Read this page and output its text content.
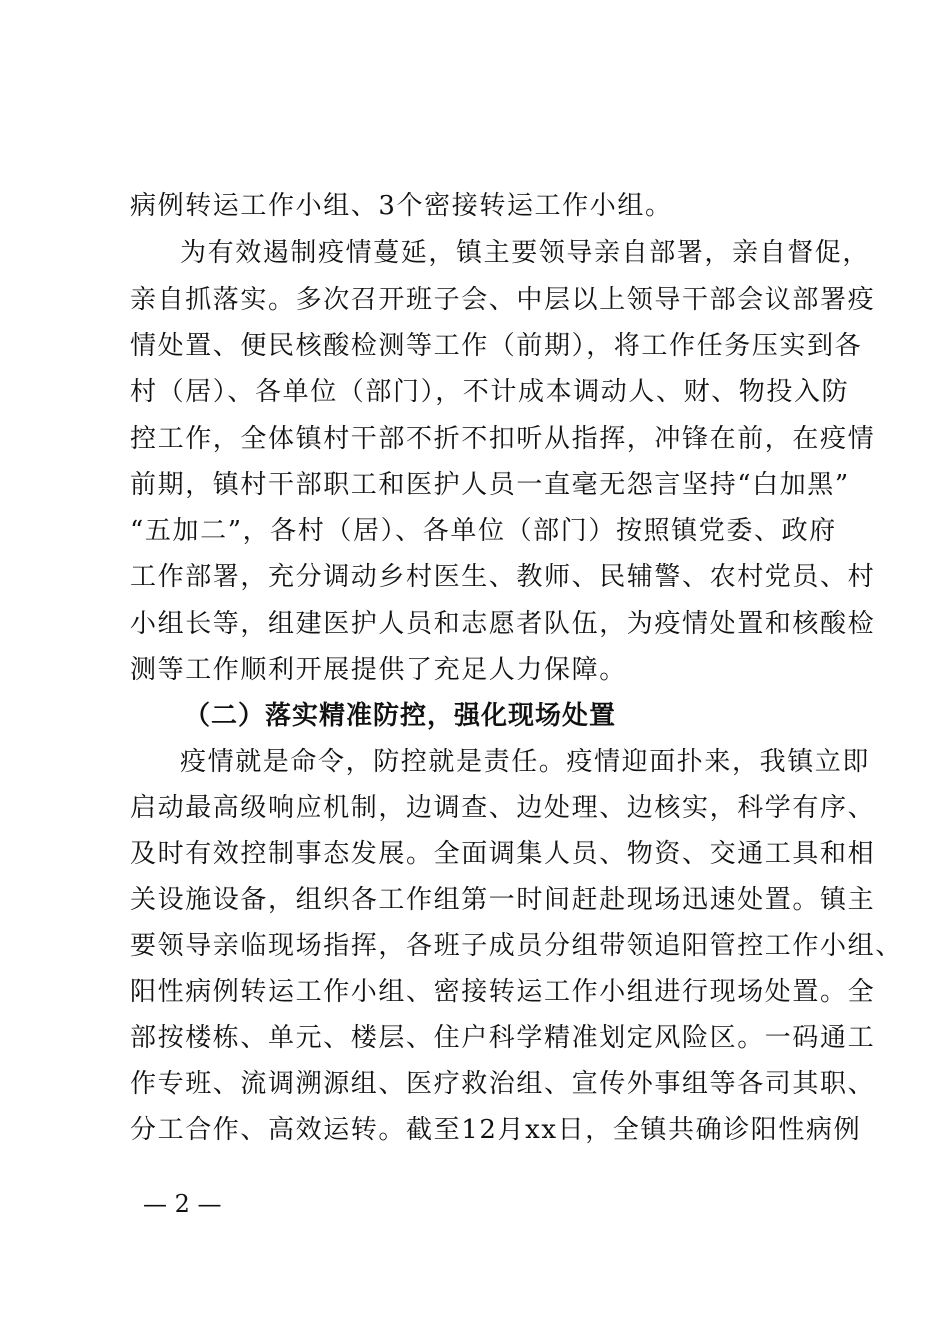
病例转运工作小组、3个密接转运工作小组。
为有效遏制疫情蔓延，镇主要领导亲自部署，亲自督促，
亲自抓落实。多次召开班子会、中层以上领导干部会议部署疫
情处置、便民核酸检测等工作（前期），将工作任务压实到各
村（居）、各单位（部门），不计成本调动人、财、物投入防
控工作，全体镇村干部不折不扣听从指挥，冲锋在前，在疫情
前期，镇村干部职工和医护人员一直毫无怨言坚持“白加黑”
“五加二”，各村（居）、各单位（部门）按照镇党委、政府
工作部署，充分调动乡村医生、教师、民辅警、农村党员、村
小组长等，组建医护人员和志愿者队伍，为疫情处置和核酸检
测等工作顺利开展提供了充足人力保障。
（二）落实精准防控，强化现场处置
疫情就是命令，防控就是责任。疫情迎面扑来，我镇立即
启动最高级响应机制，边调查、边处理、边核实，科学有序、
及时有效控制事态发展。全面调集人员、物资、交通工具和相
关设施设备，组织各工作组第一时间赶赴现场迅速处置。镇主
要领导亲临现场指挥，各班子成员分组带领追阳管控工作小组、
阳性病例转运工作小组、密接转运工作小组进行现场处置。全
部按楼栋、单元、楼层、住户科学精准划定风险区。一码通工
作专班、流调溯源组、医疗救治组、宣传外事组等各司其职、
分工合作、高效运转。截至12月xx日，全镇共确诊阳性病例
— 2 —
